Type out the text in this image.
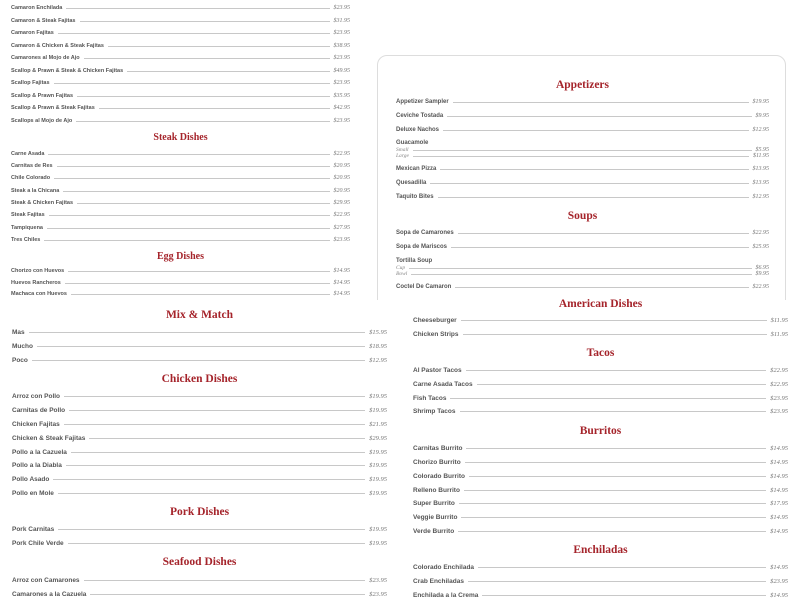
Camaron Enchilada	$23.95
Camaron & Steak Fajitas	$31.95
Camaron Fajitas	$23.95
Camaron & Chicken & Steak Fajitas	$38.95
Camarones al Mojo de Ajo	$23.95
Scallop & Prawn & Steak & Chicken Fajitas	$49.95
Scallop Fajitas	$23.95
Scallop & Prawn Fajitas	$35.95
Scallop & Prawn & Steak Fajitas	$42.95
Scallops al Mojo de Ajo	$23.95
Steak Dishes
Carne Asada	$22.95
Carnitas de Res	$20.95
Chile Colorado	$20.95
Steak a la Chicana	$20.95
Steak & Chicken Fajitas	$29.95
Steak Fajitas	$22.95
Tampiquena	$27.95
Tres Chiles	$23.95
Egg Dishes
Chorizo con Huevos	$14.95
Huevos Rancheros	$14.95
Machaca con Huevos	$14.95
Appetizers
Appetizer Sampler	$19.95
Ceviche Tostada	$9.95
Deluxe Nachos	$12.95
Guacamole
Small	$5.95
Large	$11.95
Mexican Pizza	$13.95
Quesadilla	$13.95
Taquito Bites	$12.95
Soups
Sopa de Camarones	$22.95
Sopa de Mariscos	$25.95
Tortilla Soup
Cup	$6.95
Bowl	$9.95
Coctel De Camaron	$22.95
Mix & Match
Mas	$15.95
Mucho	$18.95
Poco	$12.95
Chicken Dishes
Arroz con Pollo	$19.95
Carnitas de Pollo	$19.95
Chicken Fajitas	$21.95
Chicken & Steak Fajitas	$29.95
Pollo a la Cazuela	$19.95
Pollo a la Diabla	$19.95
Pollo Asado	$19.95
Pollo en Mole	$19.95
Pork Dishes
Pork Carnitas	$19.95
Pork Chile Verde	$19.95
Seafood Dishes
Arroz con Camarones	$23.95
Camarones a la Cazuela	$23.95
American Dishes
Cheeseburger	$11.95
Chicken Strips	$11.95
Tacos
Al Pastor Tacos	$22.95
Carne Asada Tacos	$22.95
Fish Tacos	$23.95
Shrimp Tacos	$23.95
Burritos
Carnitas Burrito	$14.95
Chorizo Burrito	$14.95
Colorado Burrito	$14.95
Relleno Burrito	$14.95
Super Burrito	$17.95
Veggie Burrito	$14.95
Verde Burrito	$14.95
Enchiladas
Colorado Enchilada	$14.95
Crab Enchiladas	$23.95
Enchilada a la Crema	$14.95
